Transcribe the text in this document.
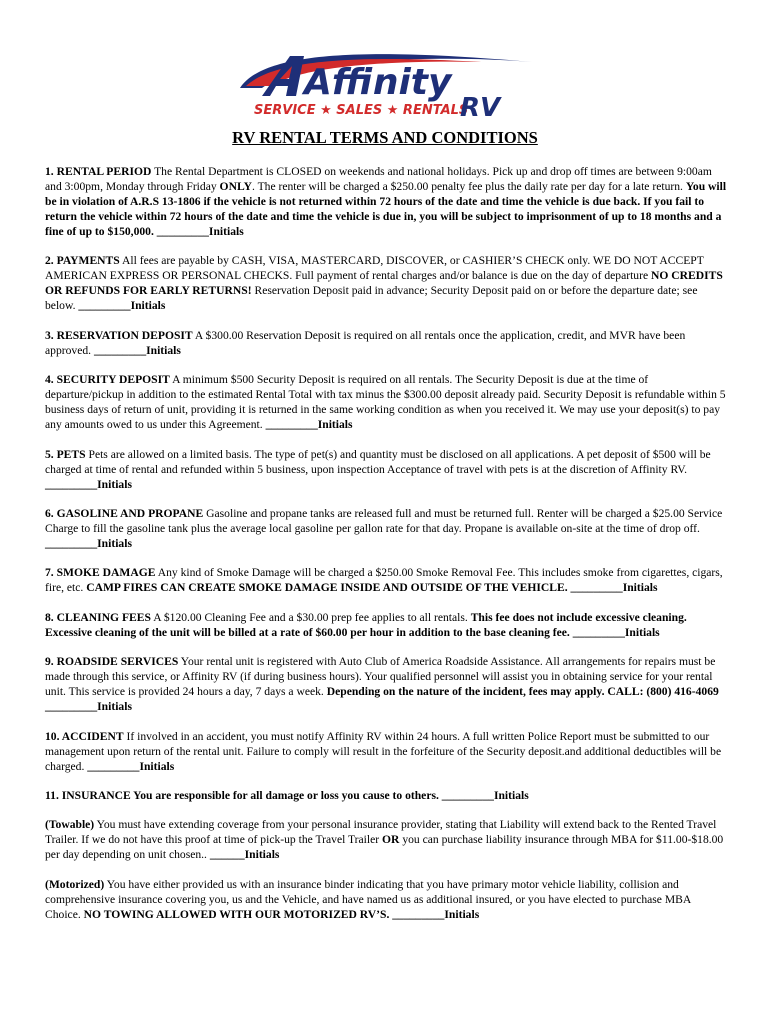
Affinity
SERVICE ★ SALES ★ RENTALS
RV
RV RENTAL TERMS AND CONDITIONS

1. RENTAL PERIOD The Rental Department is CLOSED on weekends and national holidays. Pick up and drop off times are between 9:00am and 3:00pm, Monday through Friday ONLY. The renter will be charged a $250.00 penalty fee plus the daily rate per day for a late return. You will be in violation of A.R.S 13-1806 if the vehicle is not returned within 72 hours of the date and time the vehicle is due back. If you fail to return the vehicle within 72 hours of the date and time the vehicle is due in, you will be subject to imprisonment of up to 18 months and a fine of up to $150,000. _________Initials

2. PAYMENTS All fees are payable by CASH, VISA, MASTERCARD, DISCOVER, or CASHIER’S CHECK only. WE DO NOT ACCEPT AMERICAN EXPRESS OR PERSONAL CHECKS. Full payment of rental charges and/or balance is due on the day of departure NO CREDITS OR REFUNDS FOR EARLY RETURNS! Reservation Deposit paid in advance; Security Deposit paid on or before the departure date; see below. _________Initials

3. RESERVATION DEPOSIT A $300.00 Reservation Deposit is required on all rentals once the application, credit, and MVR have been approved. _________Initials

4. SECURITY DEPOSIT A minimum $500 Security Deposit is required on all rentals. The Security Deposit is due at the time of departure/pickup in addition to the estimated Rental Total with tax minus the $300.00 deposit already paid. Security Deposit is refundable within 5 business days of return of unit, providing it is returned in the same working condition as when you received it. We may use your deposit(s) to pay any amounts owed to us under this Agreement. _________Initials

5. PETS Pets are allowed on a limited basis. The type of pet(s) and quantity must be disclosed on all applications. A pet deposit of $500 will be charged at time of rental and refunded within 5 business, upon inspection Acceptance of travel with pets is at the discretion of Affinity RV. _________Initials

6. GASOLINE AND PROPANE Gasoline and propane tanks are released full and must be returned full. Renter will be charged a $25.00 Service Charge to fill the gasoline tank plus the average local gasoline per gallon rate for that day. Propane is available on-site at the time of drop off. _________Initials

7. SMOKE DAMAGE Any kind of Smoke Damage will be charged a $250.00 Smoke Removal Fee. This includes smoke from cigarettes, cigars, fire, etc. CAMP FIRES CAN CREATE SMOKE DAMAGE INSIDE AND OUTSIDE OF THE VEHICLE. _________Initials

8. CLEANING FEES A $120.00 Cleaning Fee and a $30.00 prep fee applies to all rentals. This fee does not include excessive cleaning. Excessive cleaning of the unit will be billed at a rate of $60.00 per hour in addition to the base cleaning fee. _________Initials

9. ROADSIDE SERVICES Your rental unit is registered with Auto Club of America Roadside Assistance. All arrangements for repairs must be made through this service, or Affinity RV (if during business hours). Your qualified personnel will assist you in obtaining service for your rental unit. This service is provided 24 hours a day, 7 days a week. Depending on the nature of the incident, fees may apply. CALL: (800) 416-4069 _________Initials

10. ACCIDENT If involved in an accident, you must notify Affinity RV within 24 hours. A full written Police Report must be submitted to our management upon return of the rental unit. Failure to comply will result in the forfeiture of the Security deposit.and additional deductibles will be charged. _________Initials

11. INSURANCE You are responsible for all damage or loss you cause to others. _________Initials

(Towable) You must have extending coverage from your personal insurance provider, stating that Liability will extend back to the Rented Travel Trailer. If we do not have this proof at time of pick-up the Travel Trailer OR you can purchase liability insurance through MBA for $11.00-$18.00 per day depending on unit chosen.. ______Initials

(Motorized) You have either provided us with an insurance binder indicating that you have primary motor vehicle liability, collision and comprehensive insurance covering you, us and the Vehicle, and have named us as additional insured, or you have elected to purchase MBA Choice. NO TOWING ALLOWED WITH OUR MOTORIZED RV’S. _________Initials
